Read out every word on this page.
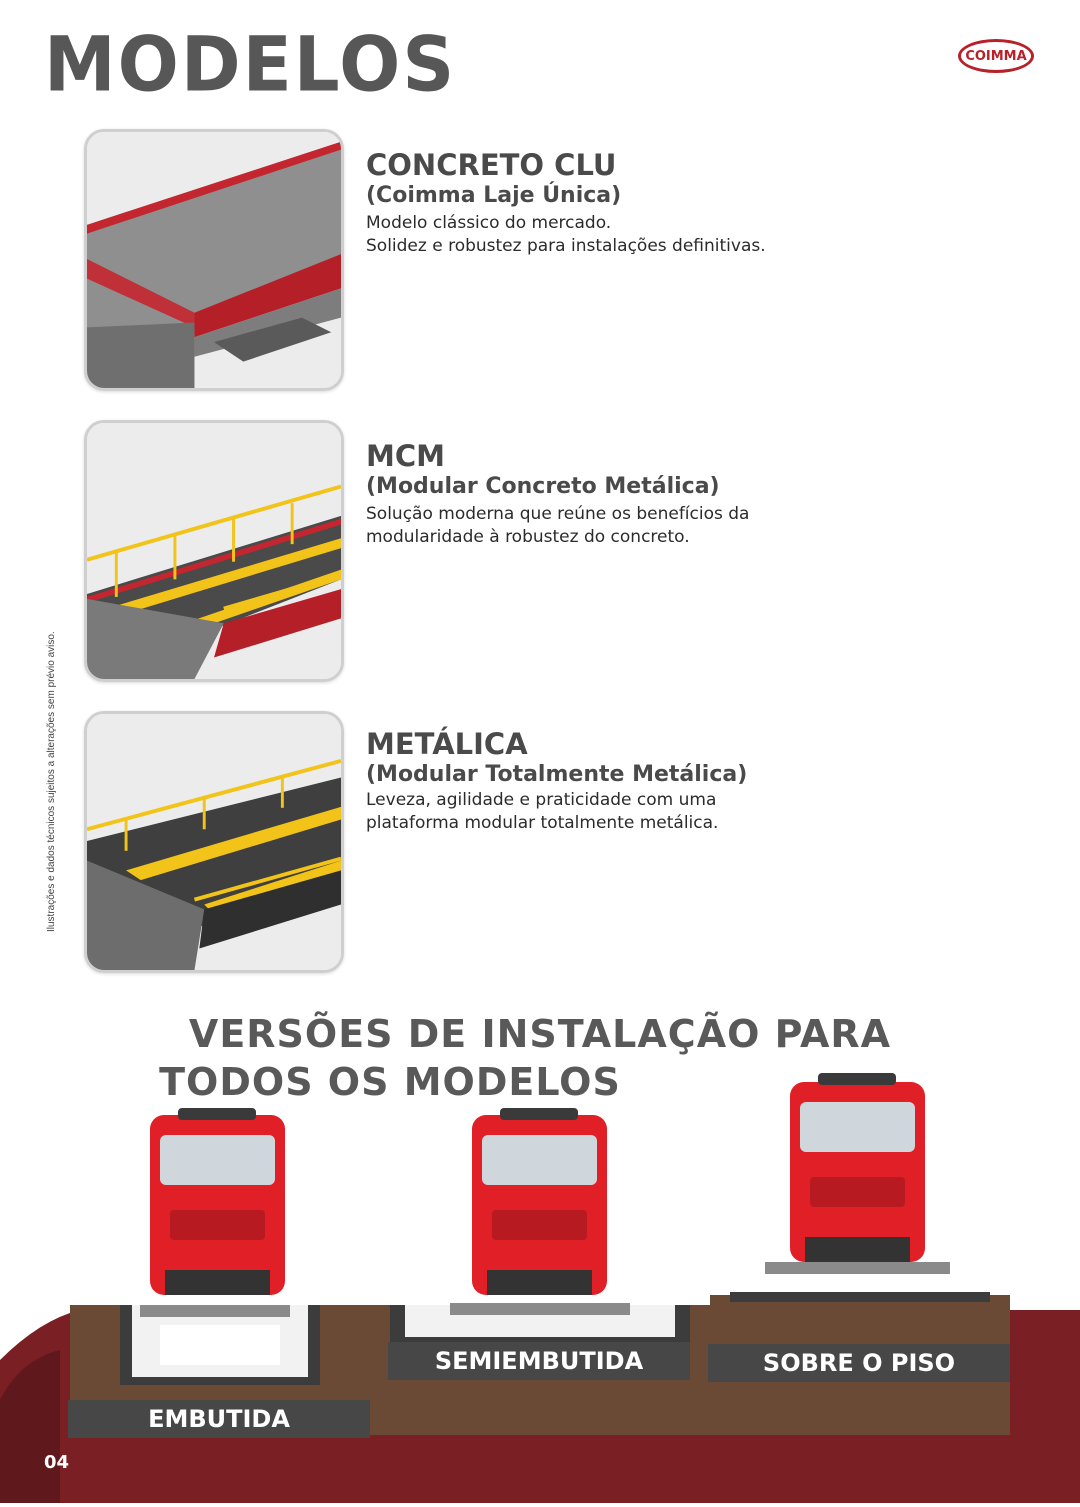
MODELOS	COIMMA
Ilustrações e dados técnicos sujeitos a alterações sem prévio aviso.
CONCRETO CLU

(Coimma Laje Única)

Modelo clássico do mercado.
Solidez e robustez para instalações definitivas.

MCM

(Modular Concreto Metálica)

Solução moderna que reúne os benefícios da
modularidade à robustez do concreto.

METÁLICA

(Modular Totalmente Metálica)

Leveza, agilidade e praticidade com uma
plataforma modular totalmente metálica.

VERSÕES DE INSTALAÇÃO PARA
TODOS OS MODELOS
EMBUTIDA
SEMIEMBUTIDA	SOBRE O PISO
04
